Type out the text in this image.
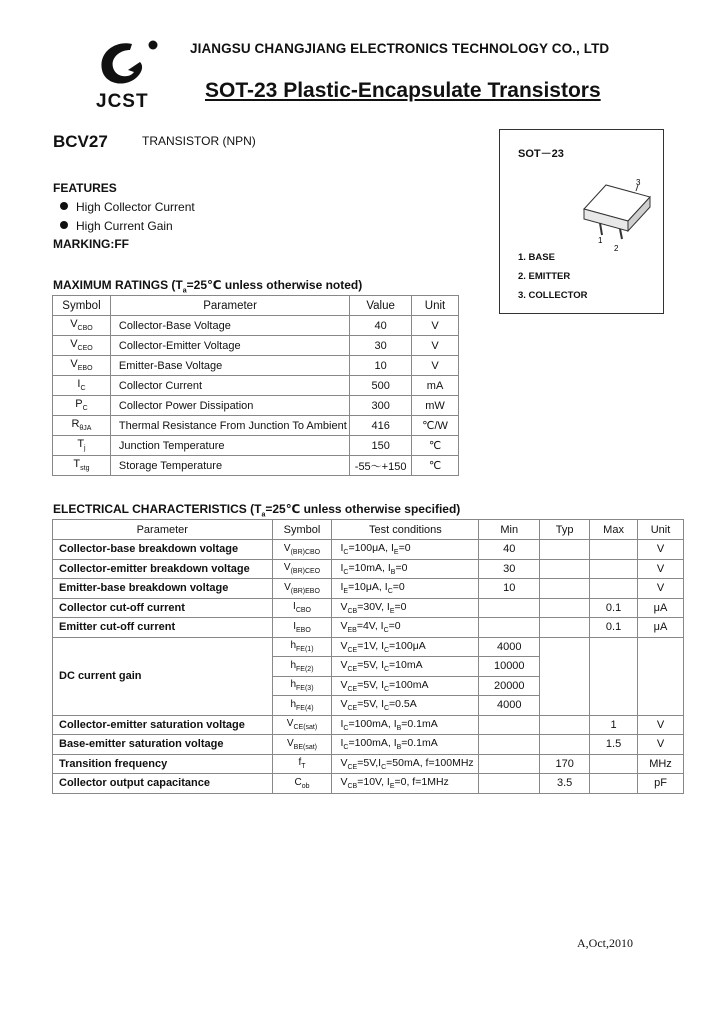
JCST
JIANGSU CHANGJIANG ELECTRONICS TECHNOLOGY CO., LTD
SOT-23 Plastic-Encapsulate Transistors
BCV27	TRANSISTOR (NPN)
FEATURES
High Collector Current
High Current Gain
MARKING:FF
SOT－23
3
1
2
1. BASE
2. EMITTER
3. COLLECTOR
MAXIMUM RATINGS ($T_a=25℃$ unless otherwise noted)
Symbol	Parameter	Value	Unit
$V_{CBO}$	Collector-Base Voltage	40	V
$V_{CEO}$	Collector-Emitter Voltage	30	V
$V_{EBO}$	Emitter-Base Voltage	10	V
$I_C$	Collector Current	500	mA
$P_C$	Collector Power Dissipation	300	mW
$R_{\theta JA}$	Thermal Resistance From Junction To Ambient	416	℃/W
$T_j$	Junction Temperature	150	℃
$T_{stg}$	Storage Temperature	-55～+150	℃
ELECTRICAL CHARACTERISTICS ($T_a=25℃$ unless otherwise specified)
Parameter	Symbol	Test conditions	Min	Typ	Max	Unit
Collector-base breakdown voltage	$V_{(BR)CBO}$	$I_C=100\mu A$, $I_E=0$	40			V
Collector-emitter breakdown voltage	$V_{(BR)CEO}$	$I_C=10mA$, $I_B=0$	30			V
Emitter-base breakdown voltage	$V_{(BR)EBO}$	$I_E=10\mu A$, $I_C=0$	10			V
Collector cut-off current	$I_{CBO}$	$V_{CB}=30V$, $I_E=0$			0.1	μA
Emitter cut-off current	$I_{EBO}$	$V_{EB}=4V$, $I_C=0$			0.1	μA
DC current gain	$h_{FE(1)}$	$V_{CE}=1V$, $I_C=100\mu A$	4000			
	$h_{FE(2)}$	$V_{CE}=5V$, $I_C=10mA$	10000			
	$h_{FE(3)}$	$V_{CE}=5V$, $I_C=100mA$	20000			
	$h_{FE(4)}$	$V_{CE}=5V$, $I_C=0.5A$	4000			
Collector-emitter saturation voltage	$V_{CE(sat)}$	$I_C=100mA$, $I_B=0.1mA$			1	V
Base-emitter saturation voltage	$V_{BE(sat)}$	$I_C=100mA$, $I_B=0.1mA$			1.5	V
Transition frequency	$f_T$	$V_{CE}=5V,I_C=50mA$, f=100MHz		170		MHz
Collector output capacitance	$C_{ob}$	$V_{CB}=10V$, $I_E=0$, f=1MHz		3.5		pF
A,Oct,2010
